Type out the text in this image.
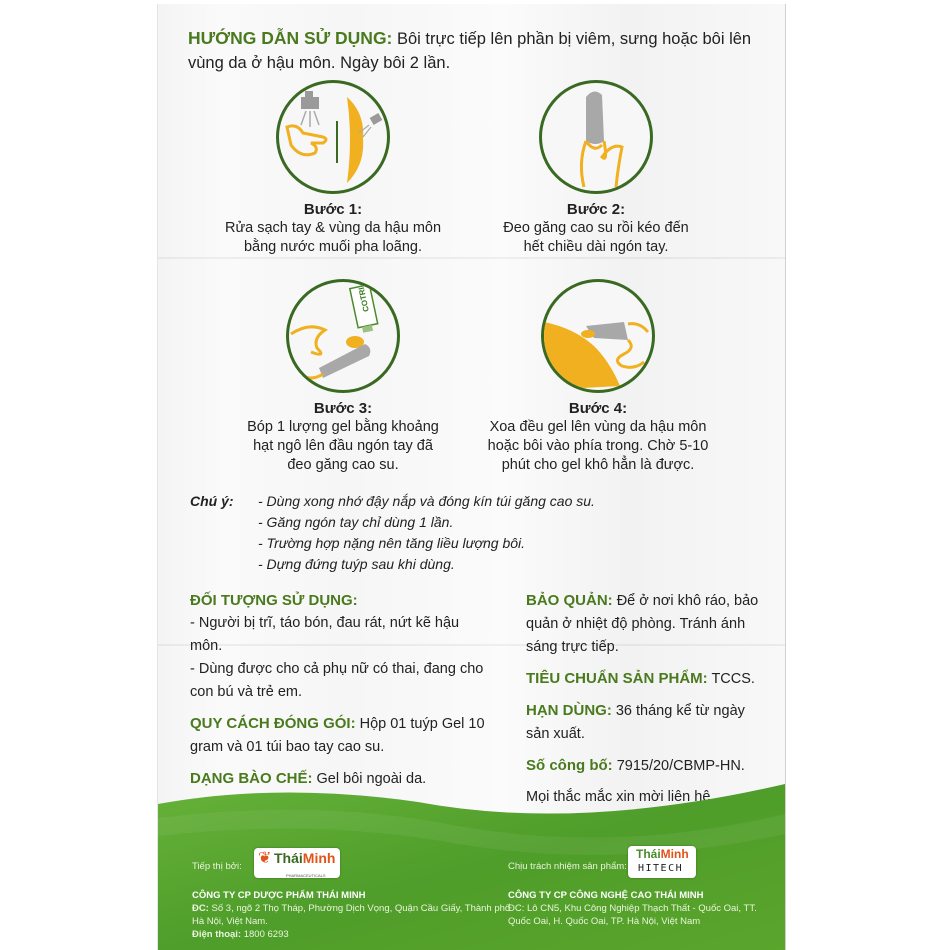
HƯỚNG DẪN SỬ DỤNG: Bôi trực tiếp lên phần bị viêm, sưng hoặc bôi lên vùng da ở hậu môn. Ngày bôi 2 lần.
Bước 1:
Rửa sạch tay & vùng da hậu môn
bằng nước muối pha loãng.
Bước 2:
Đeo găng cao su rồi kéo đến
hết chiều dài ngón tay.
COTRI
Bước 3:
Bóp 1 lượng gel bằng khoảng
hạt ngô lên đầu ngón tay đã
đeo găng cao su.
Bước 4:
Xoa đều gel lên vùng da hậu môn
hoặc bôi vào phía trong. Chờ 5-10
phút cho gel khô hẳn là được.
Chú ý:	- Dùng xong nhớ đậy nắp và đóng kín túi găng cao su.
- Găng ngón tay chỉ dùng 1 lần.
- Trường hợp nặng nên tăng liều lượng bôi.
- Dựng đứng tuýp sau khi dùng.
ĐỐI TƯỢNG SỬ DỤNG:
- Người bị trĩ, táo bón, đau rát, nứt kẽ hậu môn.
- Dùng được cho cả phụ nữ có thai, đang cho con bú và trẻ em.
QUY CÁCH ĐÓNG GÓI: Hộp 01 tuýp Gel 10 gram và 01 túi bao tay cao su.
DẠNG BÀO CHẾ: Gel bôi ngoài da.
BẢO QUẢN: Để ở nơi khô ráo, bảo quản ở nhiệt độ phòng. Tránh ánh sáng trực tiếp.
TIÊU CHUẨN SẢN PHẨM: TCCS.
HẠN DÙNG: 36 tháng kể từ ngày sản xuất.
Số công bố: 7915/20/CBMP-HN.
Mọi thắc mắc xin mời liên hệ
Tiếp thị bởi: ❦ TháiMinh
PHARMACEUTICALS
CÔNG TY CP DƯỢC PHẨM THÁI MINH
ĐC: Số 3, ngõ 2 Thọ Tháp, Phường Dịch Vọng, Quận Cầu Giấy, Thành phố Hà Nội, Việt Nam.
Điện thoại: 1800 6293
Chịu trách nhiệm sản phẩm:
TháiMinh
HITECH
CÔNG TY CP CÔNG NGHỆ CAO THÁI MINH
ĐC: Lô CN5, Khu Công Nghiệp Thạch Thất - Quốc Oai, TT. Quốc Oai, H. Quốc Oai, TP. Hà Nội, Việt Nam
